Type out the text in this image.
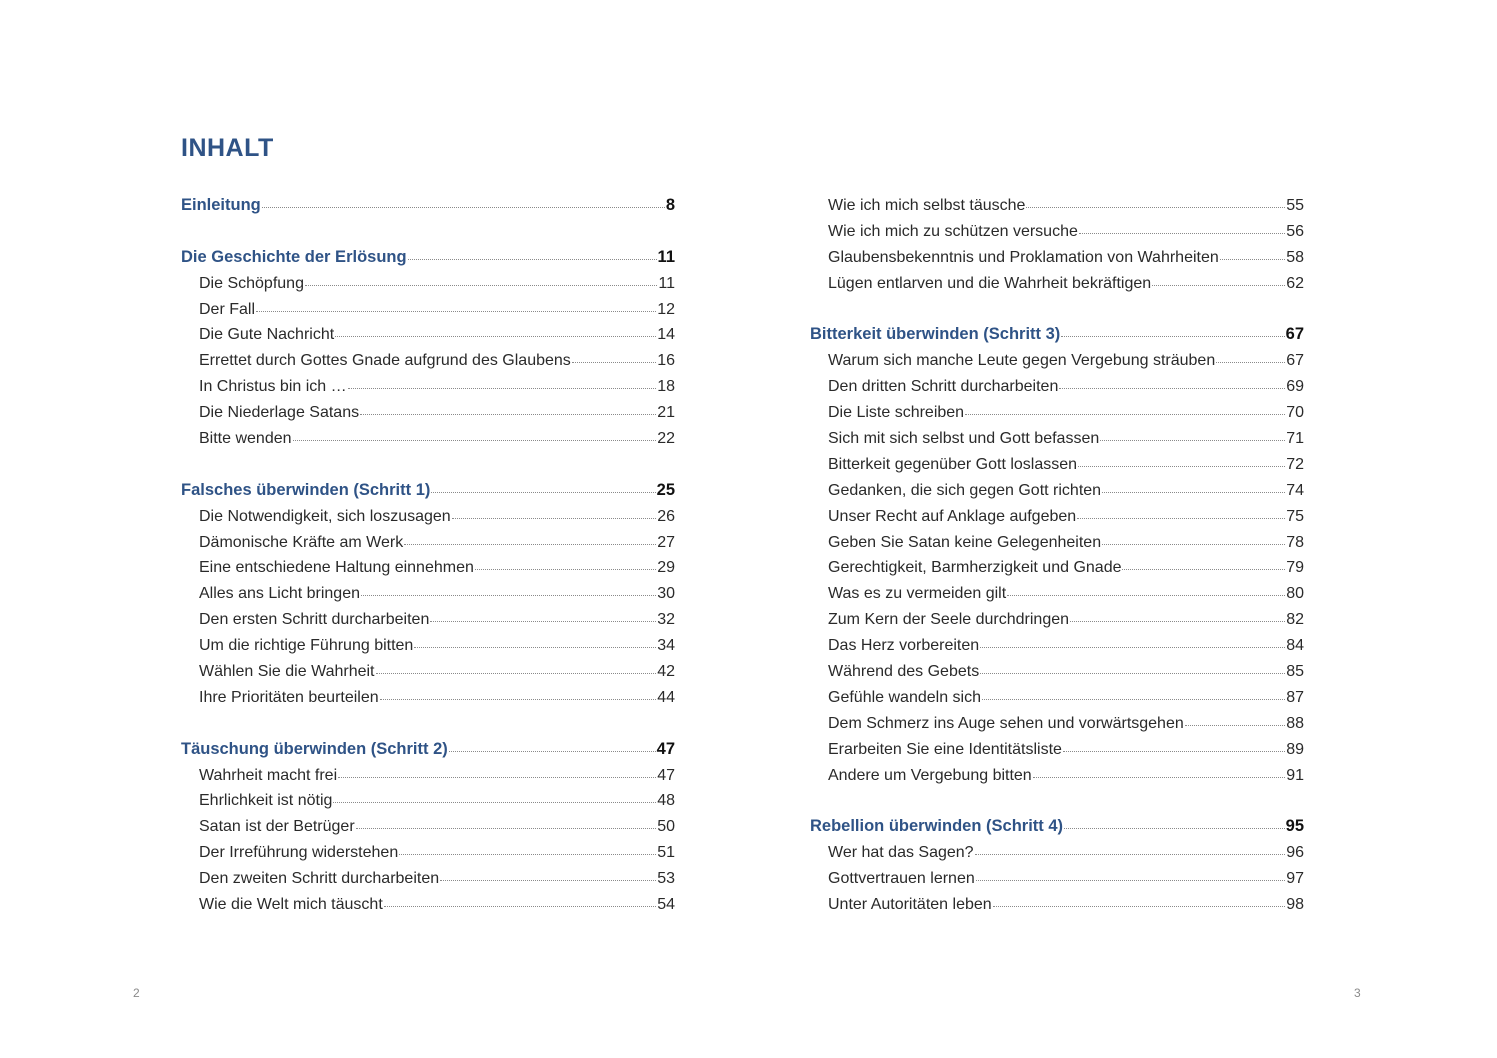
INHALT
Einleitung	8
Die Geschichte der Erlösung	11
Die Schöpfung	11
Der Fall	12
Die Gute Nachricht	14
Errettet durch Gottes Gnade aufgrund des Glaubens	16
In Christus bin ich …	18
Die Niederlage Satans	21
Bitte wenden	22
Falsches überwinden (Schritt 1)	25
Die Notwendigkeit, sich loszusagen	26
Dämonische Kräfte am Werk	27
Eine entschiedene Haltung einnehmen	29
Alles ans Licht bringen	30
Den ersten Schritt durcharbeiten	32
Um die richtige Führung bitten	34
Wählen Sie die Wahrheit	42
Ihre Prioritäten beurteilen	44
Täuschung überwinden (Schritt 2)	47
Wahrheit macht frei	47
Ehrlichkeit ist nötig	48
Satan ist der Betrüger	50
Der Irreführung widerstehen	51
Den zweiten Schritt durcharbeiten	53
Wie die Welt mich täuscht	54
Wie ich mich selbst täusche	55
Wie ich mich zu schützen versuche	56
Glaubensbekenntnis und Proklamation von Wahrheiten	58
Lügen entlarven und die Wahrheit bekräftigen	62
Bitterkeit überwinden (Schritt 3)	67
Warum sich manche Leute gegen Vergebung sträuben	67
Den dritten Schritt durcharbeiten	69
Die Liste schreiben	70
Sich mit sich selbst und Gott befassen	71
Bitterkeit gegenüber Gott loslassen	72
Gedanken, die sich gegen Gott richten	74
Unser Recht auf Anklage aufgeben	75
Geben Sie Satan keine Gelegenheiten	78
Gerechtigkeit, Barmherzigkeit und Gnade	79
Was es zu vermeiden gilt	80
Zum Kern der Seele durchdringen	82
Das Herz vorbereiten	84
Während des Gebets	85
Gefühle wandeln sich	87
Dem Schmerz ins Auge sehen und vorwärtsgehen	88
Erarbeiten Sie eine Identitätsliste	89
Andere um Vergebung bitten	91
Rebellion überwinden (Schritt 4)	95
Wer hat das Sagen?	96
Gottvertrauen lernen	97
Unter Autoritäten leben	98
2	3
